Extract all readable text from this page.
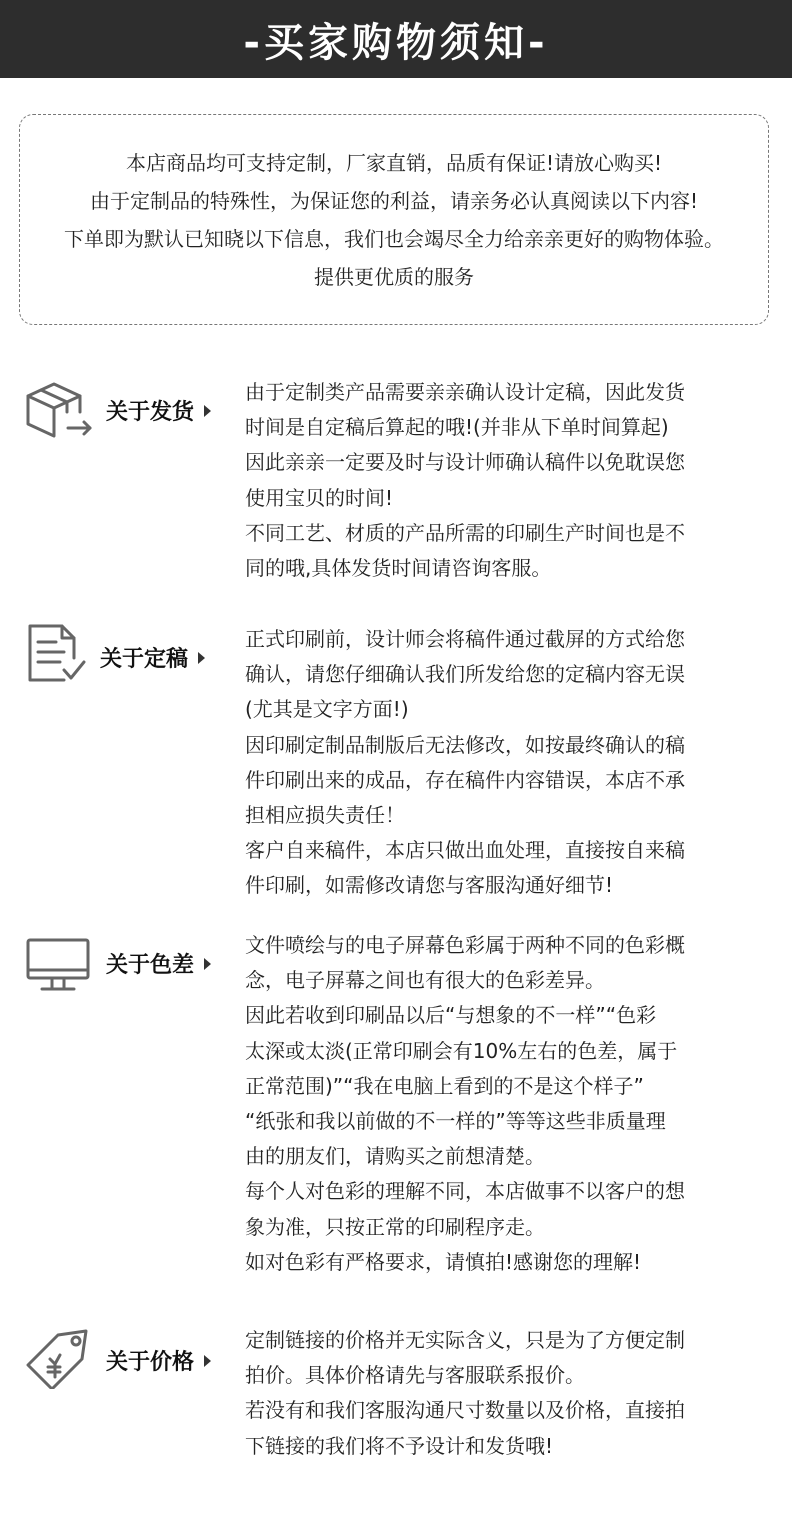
-买家购物须知-

本店商品均可支持定制，厂家直销，品质有保证!请放心购买!

由于定制品的特殊性，为保证您的利益，请亲务必认真阅读以下内容!

下单即为默认已知晓以下信息，我们也会竭尽全力给亲亲更好的购物体验。

提供更优质的服务

关于发货

由于定制类产品需要亲亲确认设计定稿，因此发货

时间是自定稿后算起的哦!(并非从下单时间算起)

因此亲亲一定要及时与设计师确认稿件以免耽误您

使用宝贝的时间!

不同工艺、材质的产品所需的印刷生产时间也是不

同的哦,具体发货时间请咨询客服。

关于定稿

正式印刷前，设计师会将稿件通过截屏的方式给您

确认，请您仔细确认我们所发给您的定稿内容无误

(尤其是文字方面!)

因印刷定制品制版后无法修改，如按最终确认的稿

件印刷出来的成品，存在稿件内容错误，本店不承

担相应损失责任！

客户自来稿件，本店只做出血处理，直接按自来稿

件印刷，如需修改请您与客服沟通好细节!

关于色差

文件喷绘与的电子屏幕色彩属于两种不同的色彩概

念，电子屏幕之间也有很大的色彩差异。

因此若收到印刷品以后“与想象的不一样”“色彩

太深或太淡(正常印刷会有10%左右的色差，属于

正常范围)”“我在电脑上看到的不是这个样子”

“纸张和我以前做的不一样的”等等这些非质量理

由的朋友们，请购买之前想清楚。

每个人对色彩的理解不同，本店做事不以客户的想

象为准，只按正常的印刷程序走。

如对色彩有严格要求，请慎拍!感谢您的理解!

关于价格

定制链接的价格并无实际含义，只是为了方便定制

拍价。具体价格请先与客服联系报价。

若没有和我们客服沟通尺寸数量以及价格，直接拍

下链接的我们将不予设计和发货哦!
